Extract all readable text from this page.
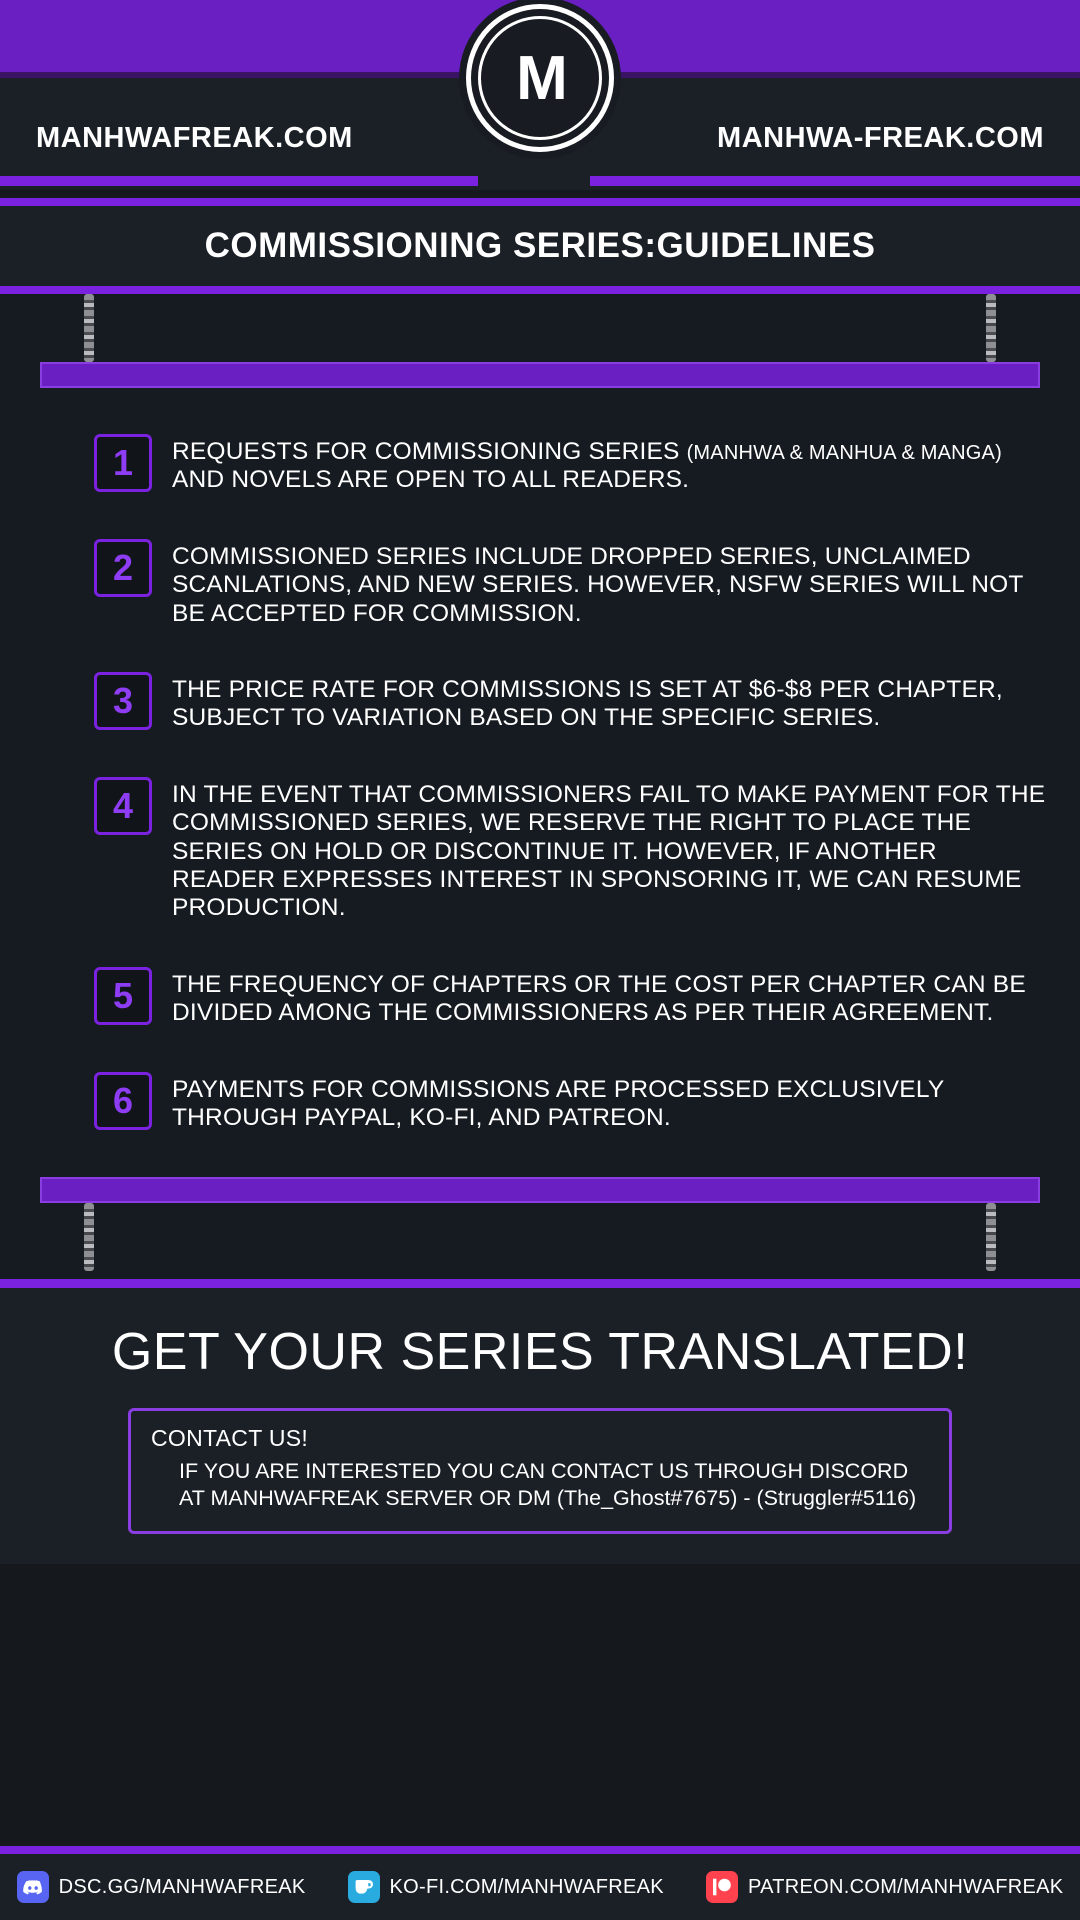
MANHWAFREAK.COM	MANHWA-FREAK.COM
M
COMMISSIONING SERIES:GUIDELINES
1	REQUESTS FOR COMMISSIONING SERIES (MANHWA & MANHUA & MANGA) AND NOVELS ARE OPEN TO ALL READERS.
2	COMMISSIONED SERIES INCLUDE DROPPED SERIES, UNCLAIMED SCANLATIONS, AND NEW SERIES. HOWEVER, NSFW SERIES WILL NOT BE ACCEPTED FOR COMMISSION.
3	THE PRICE RATE FOR COMMISSIONS IS SET AT $6-$8 PER CHAPTER, SUBJECT TO VARIATION BASED ON THE SPECIFIC SERIES.
4	IN THE EVENT THAT COMMISSIONERS FAIL TO MAKE PAYMENT FOR THE COMMISSIONED SERIES, WE RESERVE THE RIGHT TO PLACE THE SERIES ON HOLD OR DISCONTINUE IT. HOWEVER, IF ANOTHER READER EXPRESSES INTEREST IN SPONSORING IT, WE CAN RESUME PRODUCTION.
5	THE FREQUENCY OF CHAPTERS OR THE COST PER CHAPTER CAN BE DIVIDED AMONG THE COMMISSIONERS AS PER THEIR AGREEMENT.
6	PAYMENTS FOR COMMISSIONS ARE PROCESSED EXCLUSIVELY THROUGH PAYPAL, KO-FI, AND PATREON.
GET YOUR SERIES TRANSLATED!
CONTACT US!
IF YOU ARE INTERESTED YOU CAN CONTACT US THROUGH DISCORD
AT MANHWAFREAK SERVER OR DM (The_Ghost#7675) - (Struggler#5116)
DSC.GG/MANHWAFREAK	KO-FI.COM/MANHWAFREAK	PATREON.COM/MANHWAFREAK
